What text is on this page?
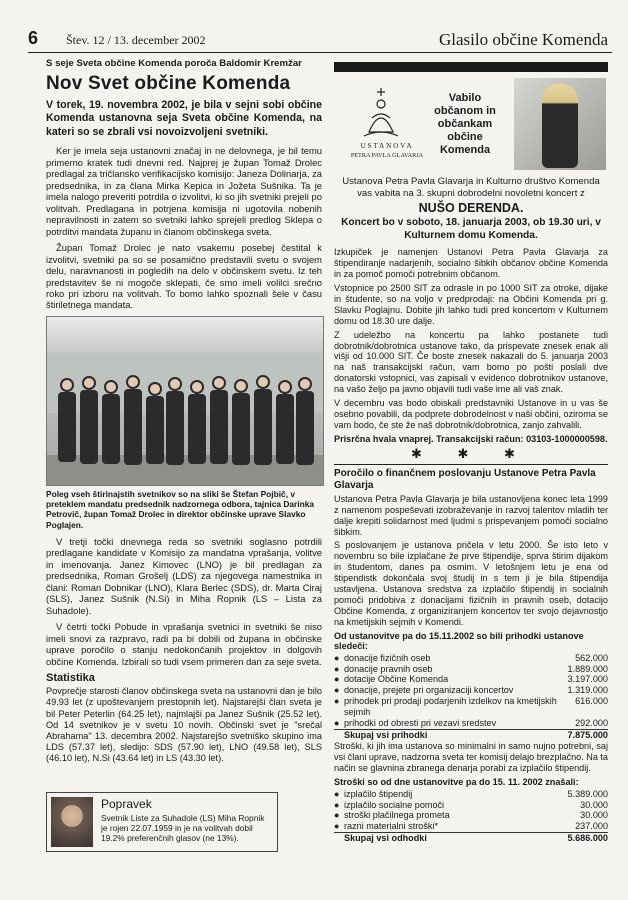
6 Štev. 12 / 13. december 2002	Glasilo občine Komenda

S seje Sveta občine Komenda poroča Baldomir Kremžar

Nov Svet občine Komenda

V torek, 19. novembra 2002, je bila v sejni sobi občine Komenda ustanovna seja Sveta občine Komenda, na kateri so se zbrali vsi novoizvoljeni svetniki.

Ker je imela seja ustanovni značaj in ne delovnega, je bil temu primerno kratek tudi dnevni red. Najprej je župan Tomaž Drolec predlagal za tričlansko verifikacijsko komisijo: Janeza Dolinarja, za predsednika, in za člana Mirka Kepica in Jožeta Sušnika. Ta je imela nalogo preveriti potrdila o izvolitvi, ki so jih svetniki prejeli po volitvah. Predlagana in potrjena komisija ni ugotovila nobenih nepravilnosti in zatem so svetniki lahko sprejeli predlog Sklepa o potrditvi mandata županu in članom občinskega sveta.

Župan Tomaž Drolec je nato vsakemu posebej čestital k izvolitvi, svetniki pa so se posamično predstavili svetu o svojem delu, naravnanosti in pogledih na delo v občinskem svetu. Iz teh predstavitev še ni mogoče sklepati, če smo imeli volilci srečno roko pri izboru na volitvah. To bomo lahko spoznali šele v času štiriletnega mandata.

Poleg vseh štirinajstih svetnikov so na sliki še Štefan Pojbič, v preteklem mandatu predsednik nadzornega odbora, tajnica Darinka Petrovič, župan Tomaž Drolec in direktor občinske uprave Slavko Poglajen.

V tretji točki dnevnega reda so svetniki soglasno potrdili predlagane kandidate v Komisijo za mandatna vprašanja, volitve in imenovanja. Janez Kimovec (LNO) je bil predlagan za predsednika, Roman Grošelj (LDS) za njegovega namestnika in člani: Roman Dobnikar (LNO), Klara Berlec (SDS), dr. Marta Ciraj (SLS), Janez Sušnik (N.Si) in Miha Ropnik (LS – Lista za Suhadole).

V četrti točki Pobude in vprašanja svetnici in svetniki še niso imeli snovi za razpravo, radi pa bi dobili od župana in občinske uprave poročilo o stanju nedokončanih projektov in dolgovih občine Komenda. Izbirali so tudi vsem primeren dan za seje sveta.

Statistika

Povprečje starosti članov občinskega sveta na ustanovni dan je bilo 49.93 let (z upoštevanjem prestopnih let). Najstarejši član sveta je bil Peter Peterlin (64.25 let), najmlajši pa Janez Sušnik (25.52 let). Od 14 svetnikov je v svetu 10 novih. Občinski svet je "srečal Abrahama" 13. decembra 2002. Najstarejšo svetniško skupino ima LDS (57.37 let), sledijo: SDS (57.90 let), LNO (49.58 let), SLS (46.10 let), N.Si (43.64 let) in LS (43.30 let).

Popravek
Svetnik Liste za Suhadole (LS) Miha Ropnik je rojen 22.07.1959 in je na volitvah dobil 19.2% preferenčnih glasov (ne 13%).
USTANOVA
PETRA PAVLA GLAVARJA
Vabilo občanom in občankam občine Komenda

Ustanova Petra Pavla Glavarja in Kulturno društvo Komenda vas vabita na 3. skupni dobrodelni novoletni koncert z

NUŠO DERENDA.

Koncert bo v soboto, 18. januarja 2003, ob 19.30 uri, v Kulturnem domu Komenda.

Izkupiček je namenjen Ustanovi Petra Pavla Glavarja za štipendiranje nadarjenih, socialno šibkih občanov občine Komenda in za pomoč pomoči potrebnim občanom.

Vstopnice po 2500 SIT za odrasle in po 1000 SIT za otroke, dijake in študente, so na voljo v predprodaji: na Občini Komenda pri g. Slavku Poglajnu. Dobite jih lahko tudi pred koncertom v Kulturnem domu od 18.30 ure dalje.

Z udeležbo na koncertu pa lahko postanete tudi dobrotnik/dobrotnica ustanove tako, da prispevate znesek enak ali višji od 10.000 SIT. Če boste znesek nakazali do 5. januarja 2003 na naš transakcijski račun, vam bomo po pošti poslali dve donatorski vstopnici, vas zapisali v evidenco dobrotnikov ustanove, na vašo željo pa javno objavili tudi vaše ime ali vaš znak.

V decembru vas bodo obiskali predstavniki Ustanove in u vas še osebno povabili, da podprete dobrodelnost v naši občini, oziroma se vam bodo, če ste že naš dobrotnik/dobrotnica, zanjo zahvalili.

Prisrčna hvala vnaprej. Transakcijski račun: 03103-1000000598.

✱ ✱ ✱

Poročilo o finančnem poslovanju Ustanove Petra Pavla Glavarja

Ustanova Petra Pavla Glavarja je bila ustanovljena konec leta 1999 z namenom pospeševati izobraževanje in razvoj talentov mladih ter dalje krepiti solidarnost med ljudmi s prispevanjem pomoči socialno šibkim.

S poslovanjem je ustanova pričela v letu 2000. Še isto leto v novembru so bile izplačane že prve štipendije, sprva štirim dijakom in študentom, danes pa osmim. V letošnjem letu je ena od štipendistk dokončala svoj študij in s tem ji je bila štipendija ustavljena. Ustanova sredstva za izplačilo štipendij in socialnih pomoči pridobiva z donacijami fizičnih in pravnih oseb, dotacijo Občine Komenda, z organiziranjem koncertov ter svojo dejavnostjo na kmetijskih sejmih v Komendi.

Od ustanovitve pa do 15.11.2002 so bili prihodki ustanove sledeči:

●	donacije fizičnih oseb	562.000
●	donacije pravnih oseb	1.889.000
●	dotacije Občine Komenda	3.197.000
●	donacije, prejete pri organizaciji koncertov	1.319.000
●	prihodek pri prodaji podarjenih izdelkov na kmetijskih sejmih	616.000
●	prihodki od obresti pri vezavi sredstev	292.000
	Skupaj vsi prihodki	7.875.000

Stroški, ki jih ima ustanova so minimalni in samo nujno potrebni, saj vsi člani uprave, nadzorna sveta ter komisij delajo brezplačno. Na ta način se glavnina zbranega denarja porabi za izplačilo štipendij.

Stroški so od dne ustanovitve pa do 15. 11. 2002 znašali:

●	izplačilo štipendij	5.389.000
●	izplačilo socialne pomoči	30.000
●	stroški plačilnega prometa	30.000
●	razni materialni stroški*	237.000
	Skupaj vsi odhodki	5.686.000
